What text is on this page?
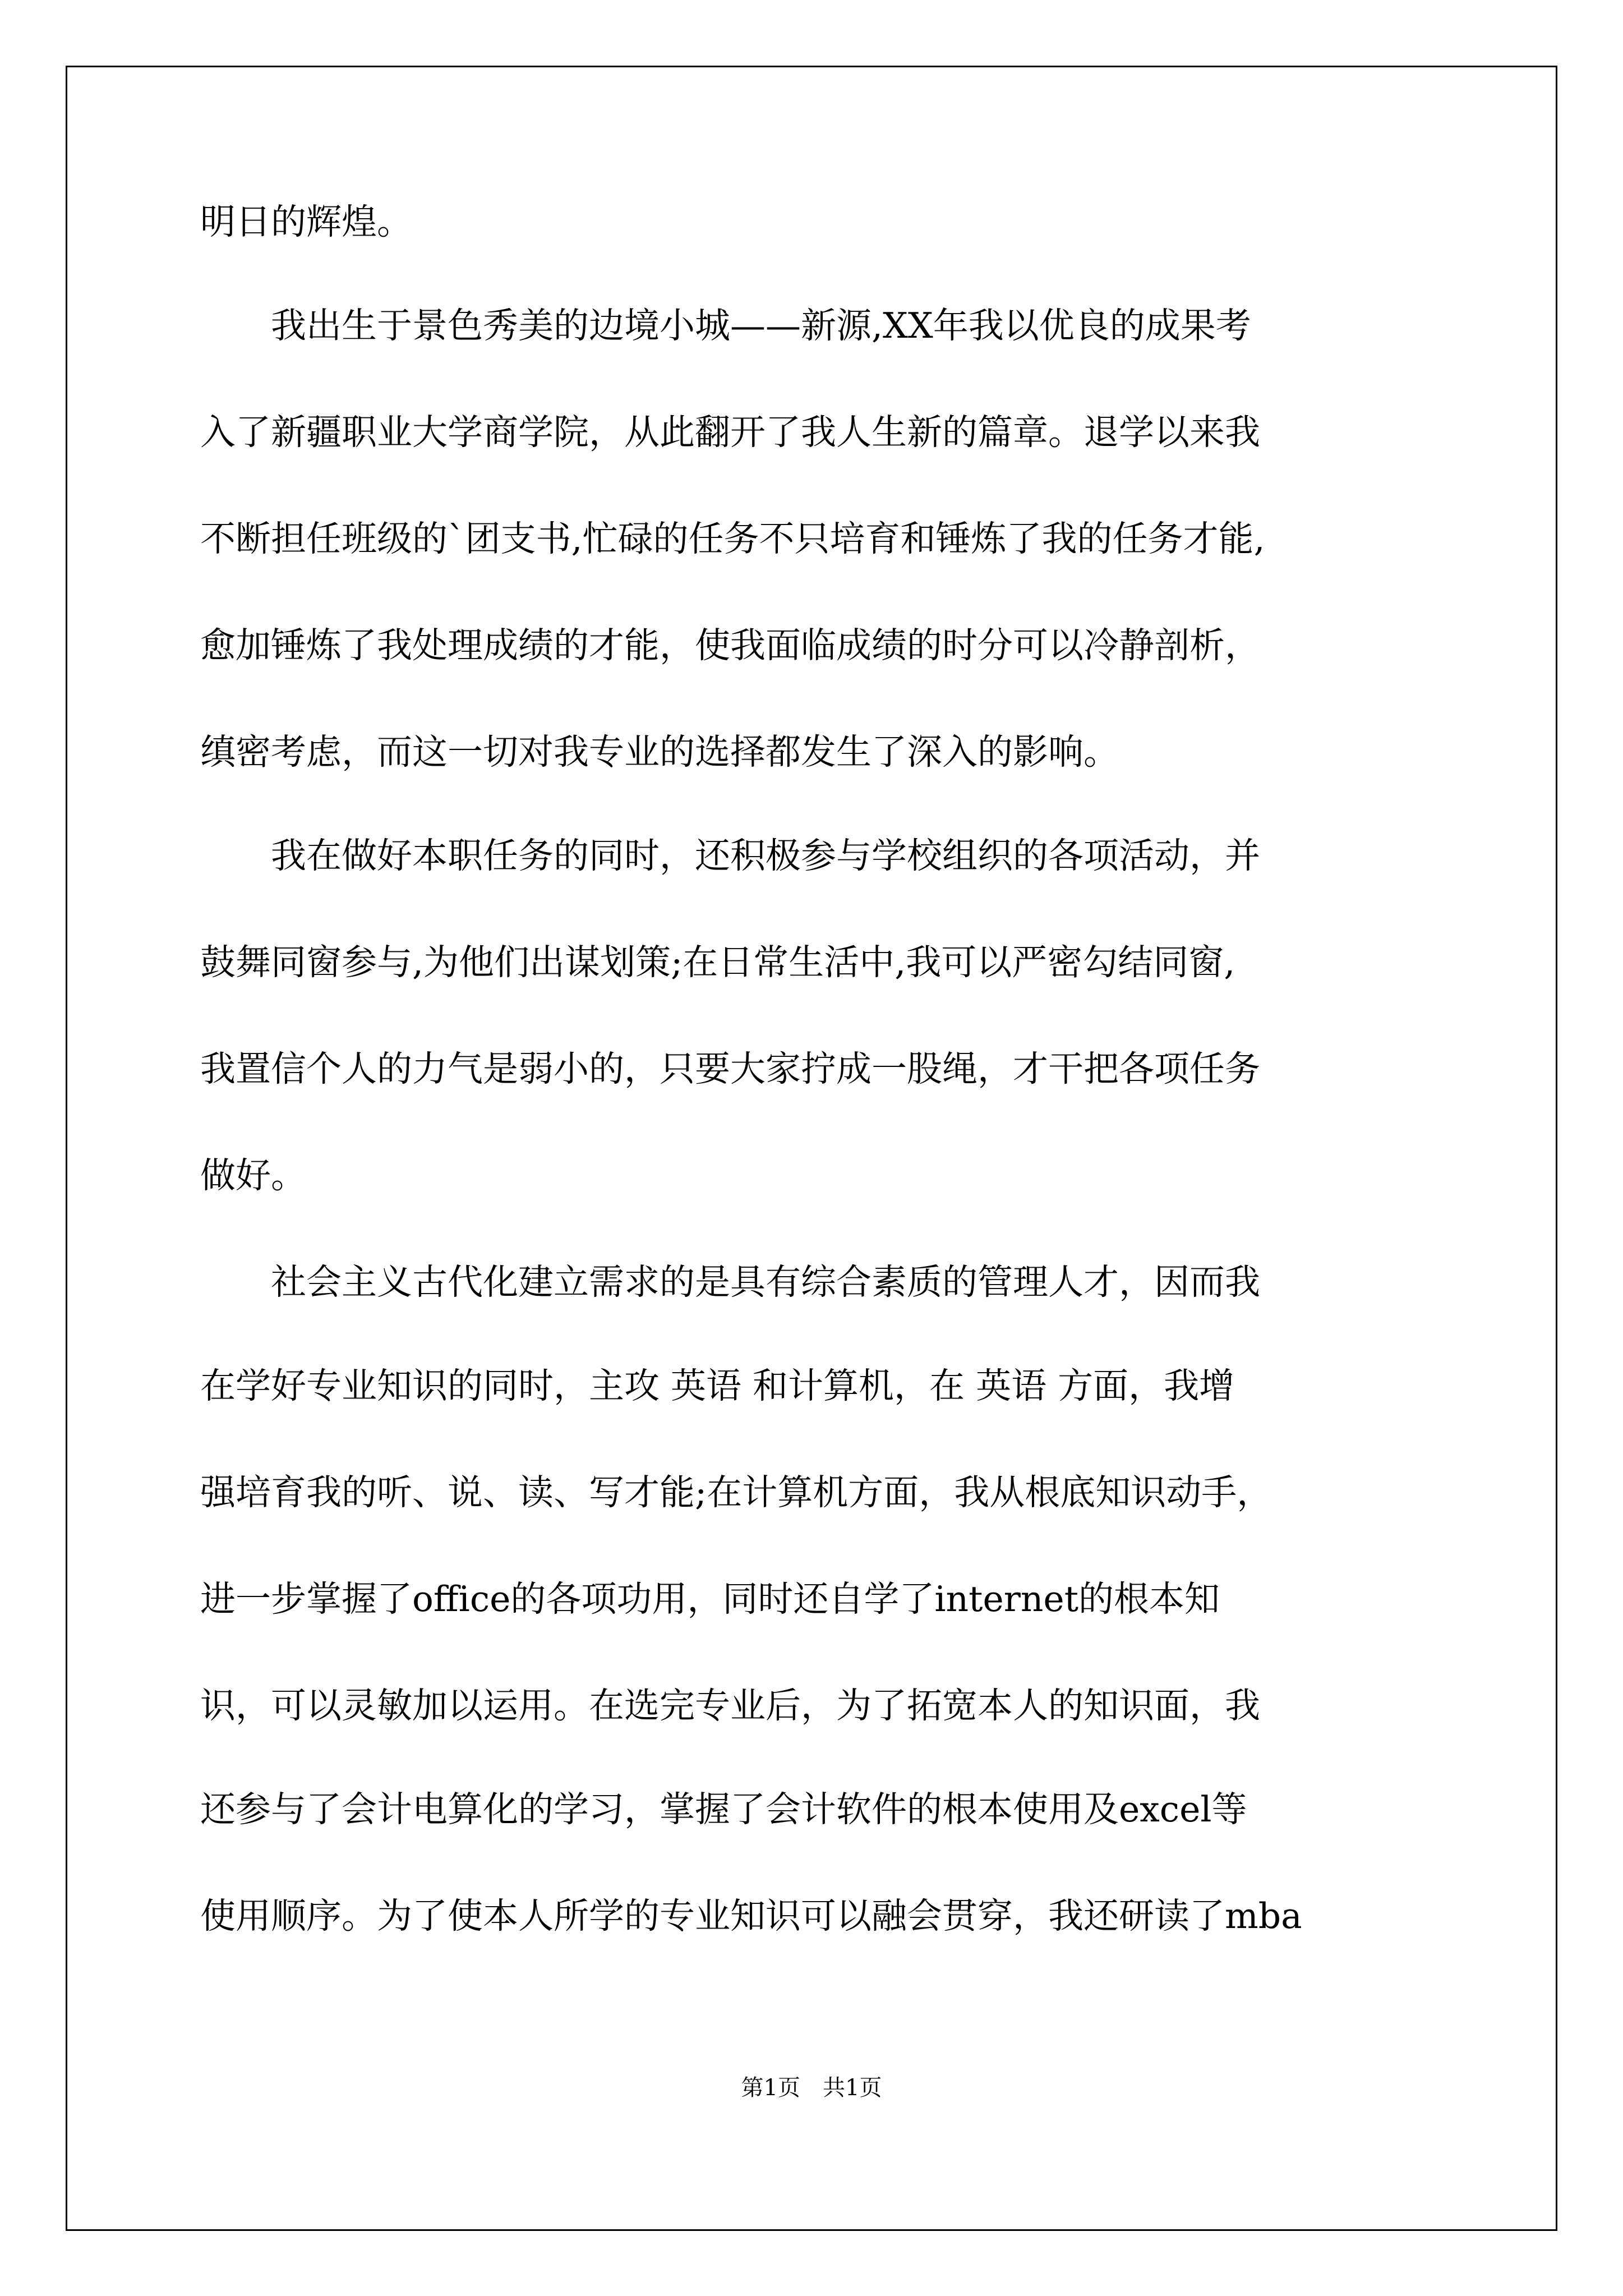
明日的辉煌。
　　我出生于景色秀美的边境小城——新源,XX年我以优良的成果考
入了新疆职业大学商学院，从此翻开了我人生新的篇章。退学以来我
不断担任班级的`团支书,忙碌的任务不只培育和锤炼了我的任务才能,
愈加锤炼了我处理成绩的才能，使我面临成绩的时分可以冷静剖析，
缜密考虑，而这一切对我专业的选择都发生了深入的影响。
　　我在做好本职任务的同时，还积极参与学校组织的各项活动，并
鼓舞同窗参与,为他们出谋划策;在日常生活中,我可以严密勾结同窗,
我置信个人的力气是弱小的，只要大家拧成一股绳，才干把各项任务
做好。
　　社会主义古代化建立需求的是具有综合素质的管理人才，因而我
在学好专业知识的同时，主攻 英语 和计算机，在 英语 方面，我增
强培育我的听、说、读、写才能;在计算机方面，我从根底知识动手，
进一步掌握了office的各项功用，同时还自学了internet的根本知
识，可以灵敏加以运用。在选完专业后，为了拓宽本人的知识面，我
还参与了会计电算化的学习，掌握了会计软件的根本使用及excel等
使用顺序。为了使本人所学的专业知识可以融会贯穿，我还研读了mba
第1页　共1页
